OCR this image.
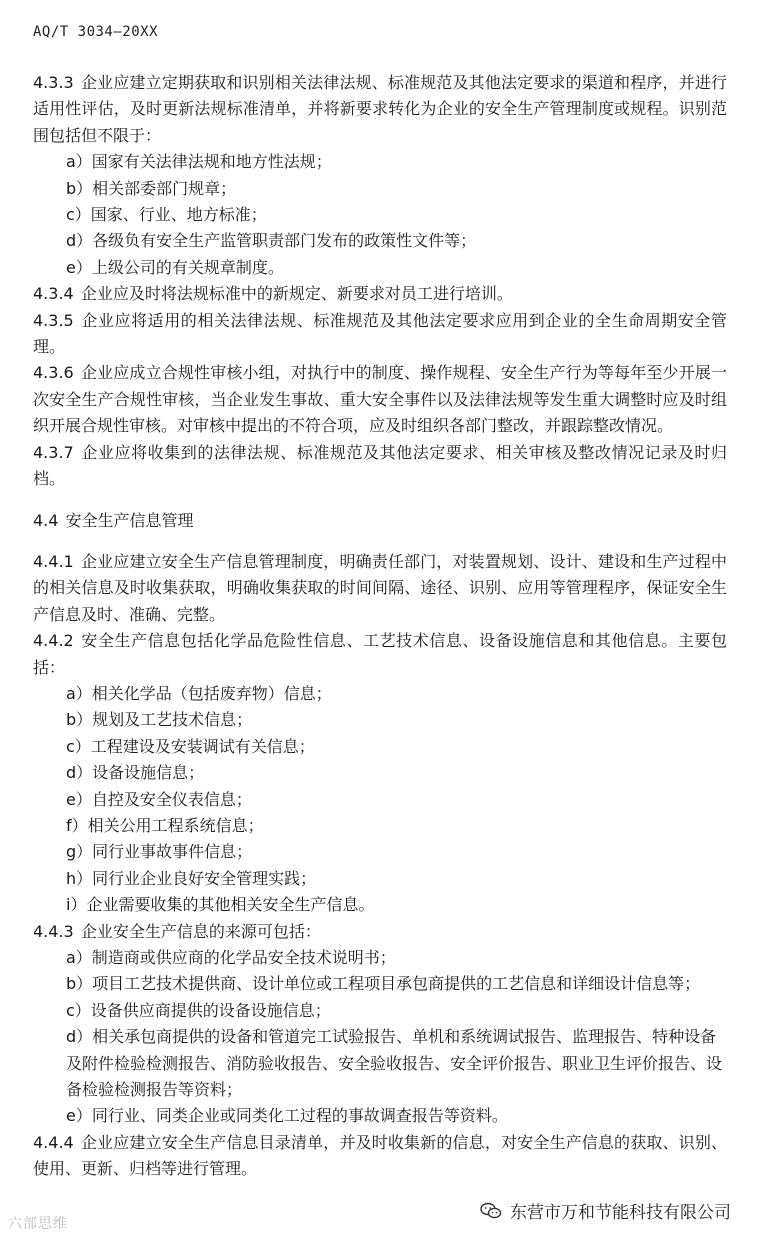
AQ/T 3034—20XX

4.3.3 企业应建立定期获取和识别相关法律法规、标准规范及其他法定要求的渠道和程序，并进行适用性评估，及时更新法规标准清单，并将新要求转化为企业的安全生产管理制度或规程。识别范围包括但不限于：

a）国家有关法律法规和地方性法规；

b）相关部委部门规章；

c）国家、行业、地方标准；

d）各级负有安全生产监管职责部门发布的政策性文件等；

e）上级公司的有关规章制度。

4.3.4 企业应及时将法规标准中的新规定、新要求对员工进行培训。

4.3.5 企业应将适用的相关法律法规、标准规范及其他法定要求应用到企业的全生命周期安全管理。

4.3.6 企业应成立合规性审核小组，对执行中的制度、操作规程、安全生产行为等每年至少开展一次安全生产合规性审核，当企业发生事故、重大安全事件以及法律法规等发生重大调整时应及时组织开展合规性审核。对审核中提出的不符合项，应及时组织各部门整改，并跟踪整改情况。

4.3.7 企业应将收集到的法律法规、标准规范及其他法定要求、相关审核及整改情况记录及时归档。

4.4 安全生产信息管理

4.4.1 企业应建立安全生产信息管理制度，明确责任部门，对装置规划、设计、建设和生产过程中的相关信息及时收集获取，明确收集获取的时间间隔、途径、识别、应用等管理程序，保证安全生产信息及时、准确、完整。

4.4.2 安全生产信息包括化学品危险性信息、工艺技术信息、设备设施信息和其他信息。主要包括：

a）相关化学品（包括废弃物）信息；

b）规划及工艺技术信息；

c）工程建设及安装调试有关信息；

d）设备设施信息；

e）自控及安全仪表信息；

f）相关公用工程系统信息；

g）同行业事故事件信息；

h）同行业企业良好安全管理实践；

i）企业需要收集的其他相关安全生产信息。

4.4.3 企业安全生产信息的来源可包括：

a）制造商或供应商的化学品安全技术说明书；

b）项目工艺技术提供商、设计单位或工程项目承包商提供的工艺信息和详细设计信息等；

c）设备供应商提供的设备设施信息；

d）相关承包商提供的设备和管道完工试验报告、单机和系统调试报告、监理报告、特种设备及附件检验检测报告、消防验收报告、安全验收报告、安全评价报告、职业卫生评价报告、设备检验检测报告等资料；

e）同行业、同类企业或同类化工过程的事故调查报告等资料。

4.4.4 企业应建立安全生产信息目录清单，并及时收集新的信息，对安全生产信息的获取、识别、使用、更新、归档等进行管理。

六部思维
东营市万和节能科技有限公司
